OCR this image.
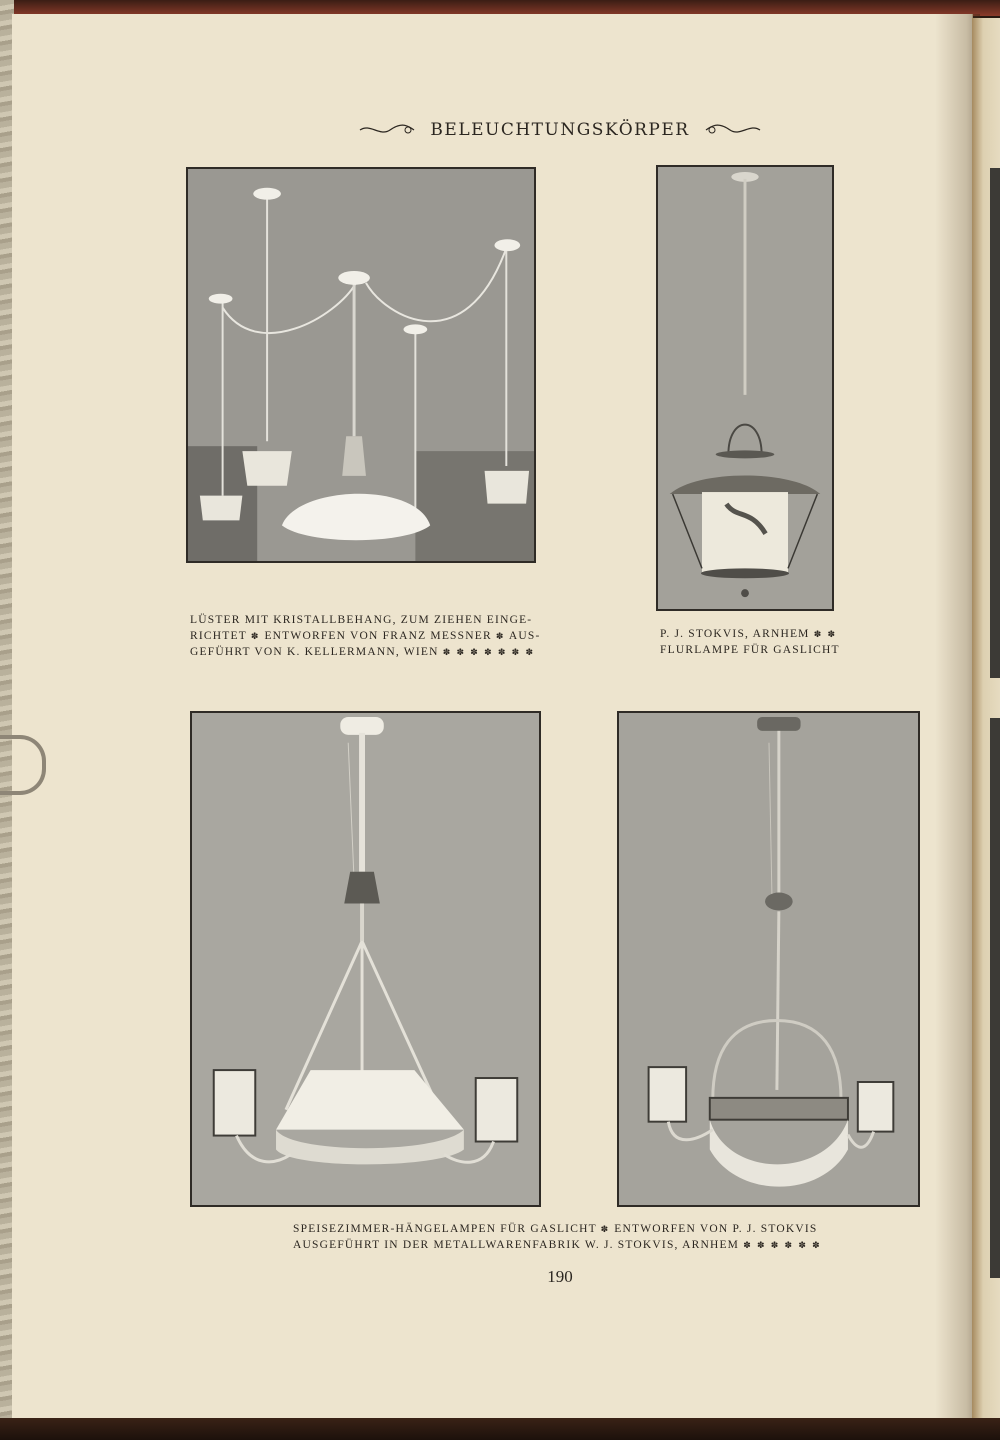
BELEUCHTUNGSKÖRPER
LÜSTER MIT KRISTALLBEHANG, ZUM ZIEHEN EINGE-
RICHTET ✽ ENTWORFEN VON FRANZ MESSNER ✽ AUS-
GEFÜHRT VON K. KELLERMANN, WIEN ✽ ✽ ✽ ✽ ✽ ✽ ✽
P. J. STOKVIS, ARNHEM ✽ ✽
FLURLAMPE FÜR GASLICHT
SPEISEZIMMER-HÄNGELAMPEN FÜR GASLICHT ✽ ENTWORFEN VON P. J. STOKVIS
AUSGEFÜHRT IN DER METALLWARENFABRIK W. J. STOKVIS, ARNHEM ✽ ✽ ✽ ✽ ✽ ✽
190
